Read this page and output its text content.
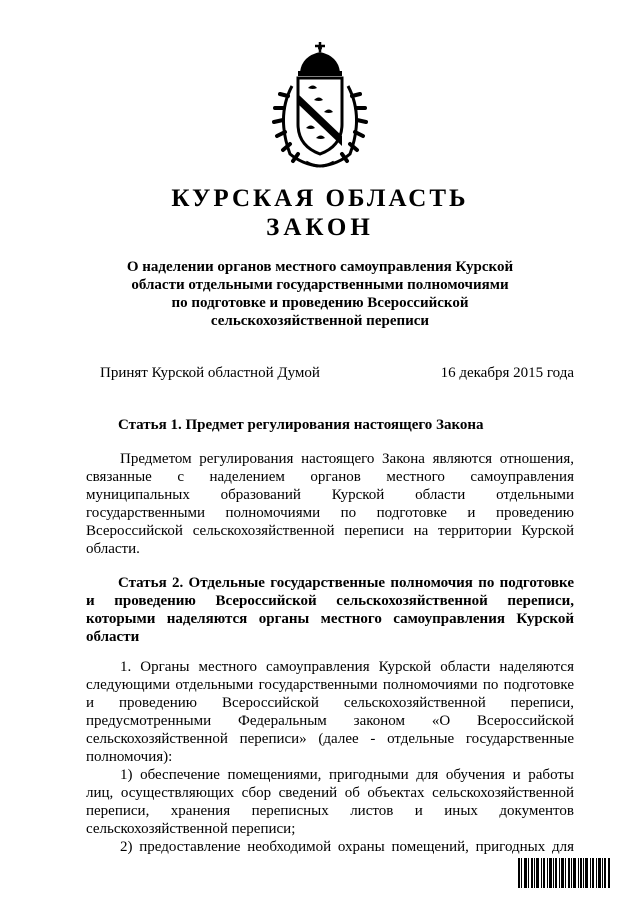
КУРСКАЯ ОБЛАСТЬ
ЗАКОН
О наделении органов местного самоуправления Курской
области отдельными государственными полномочиями
по подготовке и проведению Всероссийской
сельскохозяйственной переписи
Принят Курской областной Думой	16 декабря 2015 года
Статья 1. Предмет регулирования настоящего Закона
Предметом регулирования настоящего Закона являются отношения,
связанные с наделением органов местного самоуправления
муниципальных образований Курской области отдельными
государственными полномочиями по подготовке и проведению
Всероссийской сельскохозяйственной переписи на территории Курской
области.
Статья 2. Отдельные государственные полномочия по подготовке
и проведению Всероссийской сельскохозяйственной переписи,
которыми наделяются органы местного самоуправления Курской
области
1. Органы местного самоуправления Курской области наделяются
следующими отдельными государственными полномочиями по подготовке
и проведению Всероссийской сельскохозяйственной переписи,
предусмотренными Федеральным законом «О Всероссийской
сельскохозяйственной переписи» (далее - отдельные государственные
полномочия):
1) обеспечение помещениями, пригодными для обучения и работы
лиц, осуществляющих сбор сведений об объектах сельскохозяйственной
переписи, хранения переписных листов и иных документов
сельскохозяйственной переписи;
2) предоставление необходимой охраны помещений, пригодных для
